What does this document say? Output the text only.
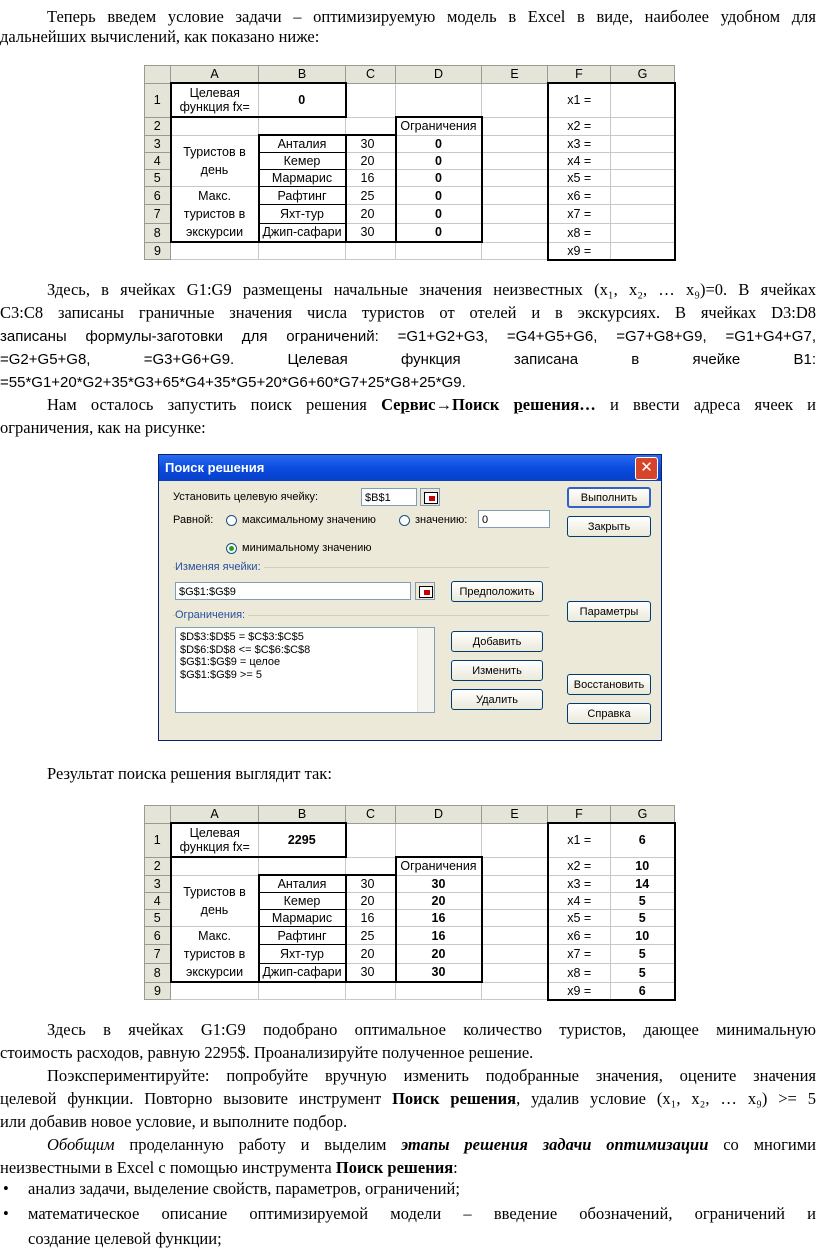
Теперь введем условие задачи – оптимизируемую модель в Excel в виде, наиболее удобном для

дальнейших вычислений, как показано ниже:

	A	B	C	D	E	F	G
1	Целевая
функция fx=	0				x1 =	
2				Ограничения		x2 =	
3	Туристов в день	Анталия	30	0		x3 =	
4		Кемер	20	0		x4 =	
5		Мармарис	16	0		x5 =	
6	Макс. туристов в экскурсии	Рафтинг	25	0		x6 =	
7		Яхт-тур	20	0		x7 =	
8		Джип-сафари	30	0		x8 =	
9						x9 =	

Здесь, в ячейках G1:G9 размещены начальные значения неизвестных (x₁, x₂, … x₉)=0. В ячейках

C3:C8 записаны граничные значения числа туристов от отелей и в экскурсиях. В ячейках D3:D8

записаны формулы-заготовки для ограничений: =G1+G2+G3, =G4+G5+G6, =G7+G8+G9, =G1+G4+G7,

=G2+G5+G8, =G3+G6+G9. Целевая функция записана в ячейке B1:

=55*G1+20*G2+35*G3+65*G4+35*G5+20*G6+60*G7+25*G8+25*G9.

Нам осталось запустить поиск решения Сервис→Поиск решения… и ввести адреса ячеек и

ограничения, как на рисунке:

Поиск решения	✕
Установить целевую ячейку:	$B$1
Равной:	максимальному значению	значению:	0
минимальному значению
Изменяя ячейки:
$G$1:$G$9	Предположить
Ограничения:
$D$3:$D$5 = $C$3:$C$5
$D$6:$D$8 <= $C$6:$C$8
$G$1:$G$9 = целое
$G$1:$G$9 >= 5
Добавить
Изменить
Удалить
Выполнить
Закрыть
Параметры
Восстановить
Справка

Результат поиска решения выглядит так:

	A	B	C	D	E	F	G
1	Целевая
функция fx=	2295				x1 =	6
2				Ограничения		x2 =	10
3	Туристов в день	Анталия	30	30		x3 =	14
4		Кемер	20	20		x4 =	5
5		Мармарис	16	16		x5 =	5
6	Макс. туристов в экскурсии	Рафтинг	25	16		x6 =	10
7		Яхт-тур	20	20		x7 =	5
8		Джип-сафари	30	30		x8 =	5
9						x9 =	6

Здесь в ячейках G1:G9 подобрано оптимальное количество туристов, дающее минимальную

стоимость расходов, равную 2295$. Проанализируйте полученное решение.

Поэкспериментируйте: попробуйте вручную изменить подобранные значения, оцените значения

целевой функции. Повторно вызовите инструмент Поиск решения, удалив условие (x₁, x₂, … x₉) >= 5

или добавив новое условие, и выполните подбор.

Обобщим проделанную работу и выделим этапы решения задачи оптимизации со многими

неизвестными в Excel с помощью инструмента Поиск решения:

• анализ задачи, выделение свойств, параметров, ограничений;
• математическое описание оптимизируемой модели – введение обозначений, ограничений и
создание целевой функции;
